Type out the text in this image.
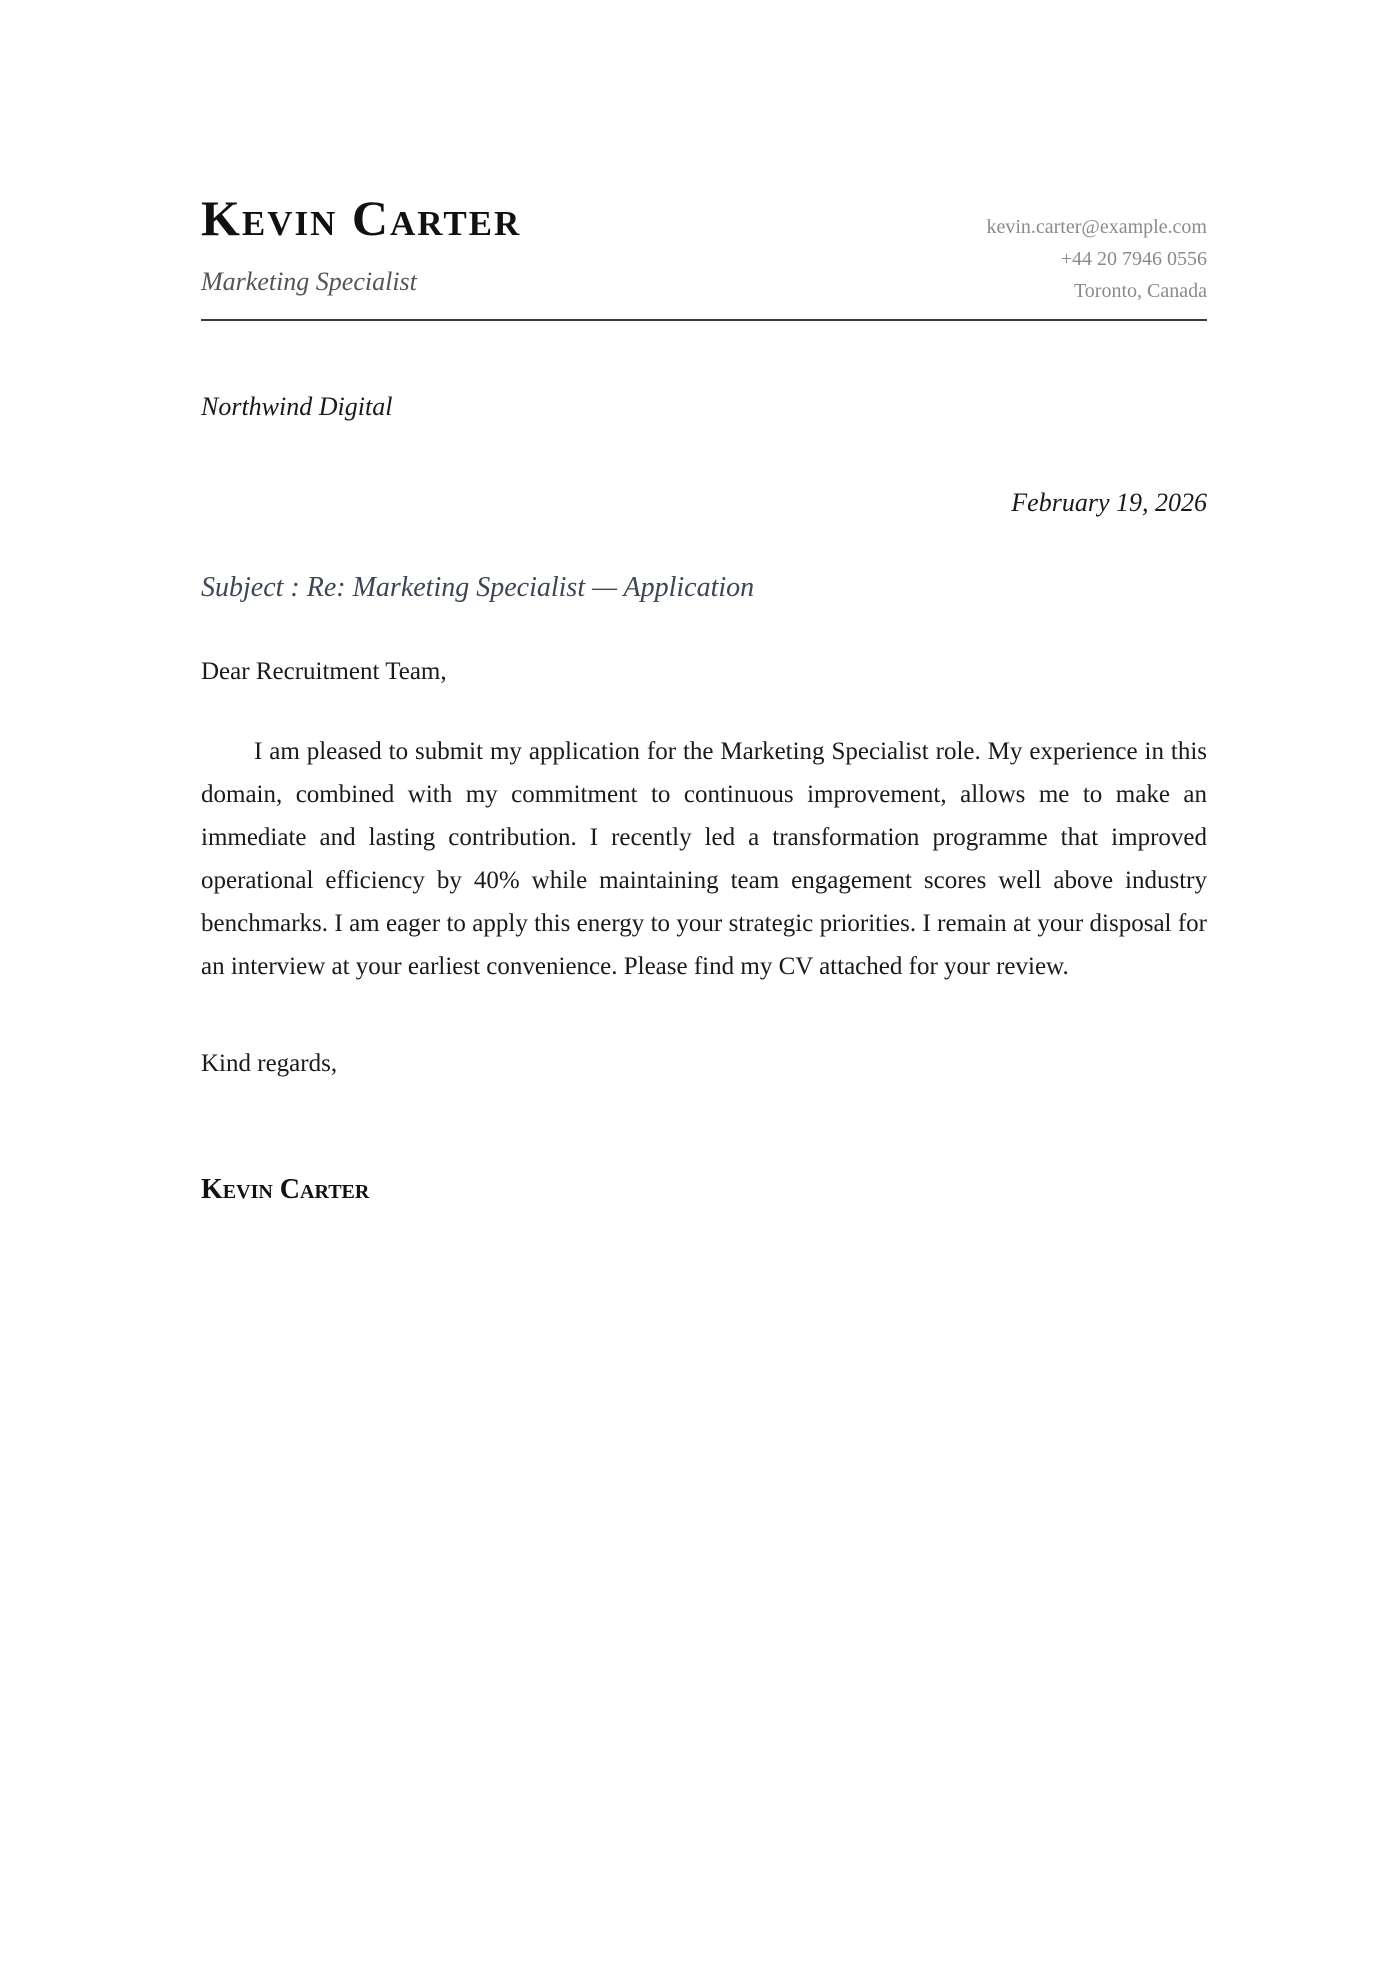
Kevin Carter
Marketing Specialist
kevin.carter@example.com
+44 20 7946 0556
Toronto, Canada
Northwind Digital
February 19, 2026
Subject : Re: Marketing Specialist — Application
Dear Recruitment Team,

I am pleased to submit my application for the Marketing Specialist role. My experience in this domain, combined with my commitment to continuous improvement, allows me to make an immediate and lasting contribution. I recently led a transformation programme that improved operational efficiency by 40% while maintaining team engagement scores well above industry benchmarks. I am eager to apply this energy to your strategic priorities. I remain at your disposal for an interview at your earliest convenience. Please find my CV attached for your review.

Kind regards,
Kevin Carter
